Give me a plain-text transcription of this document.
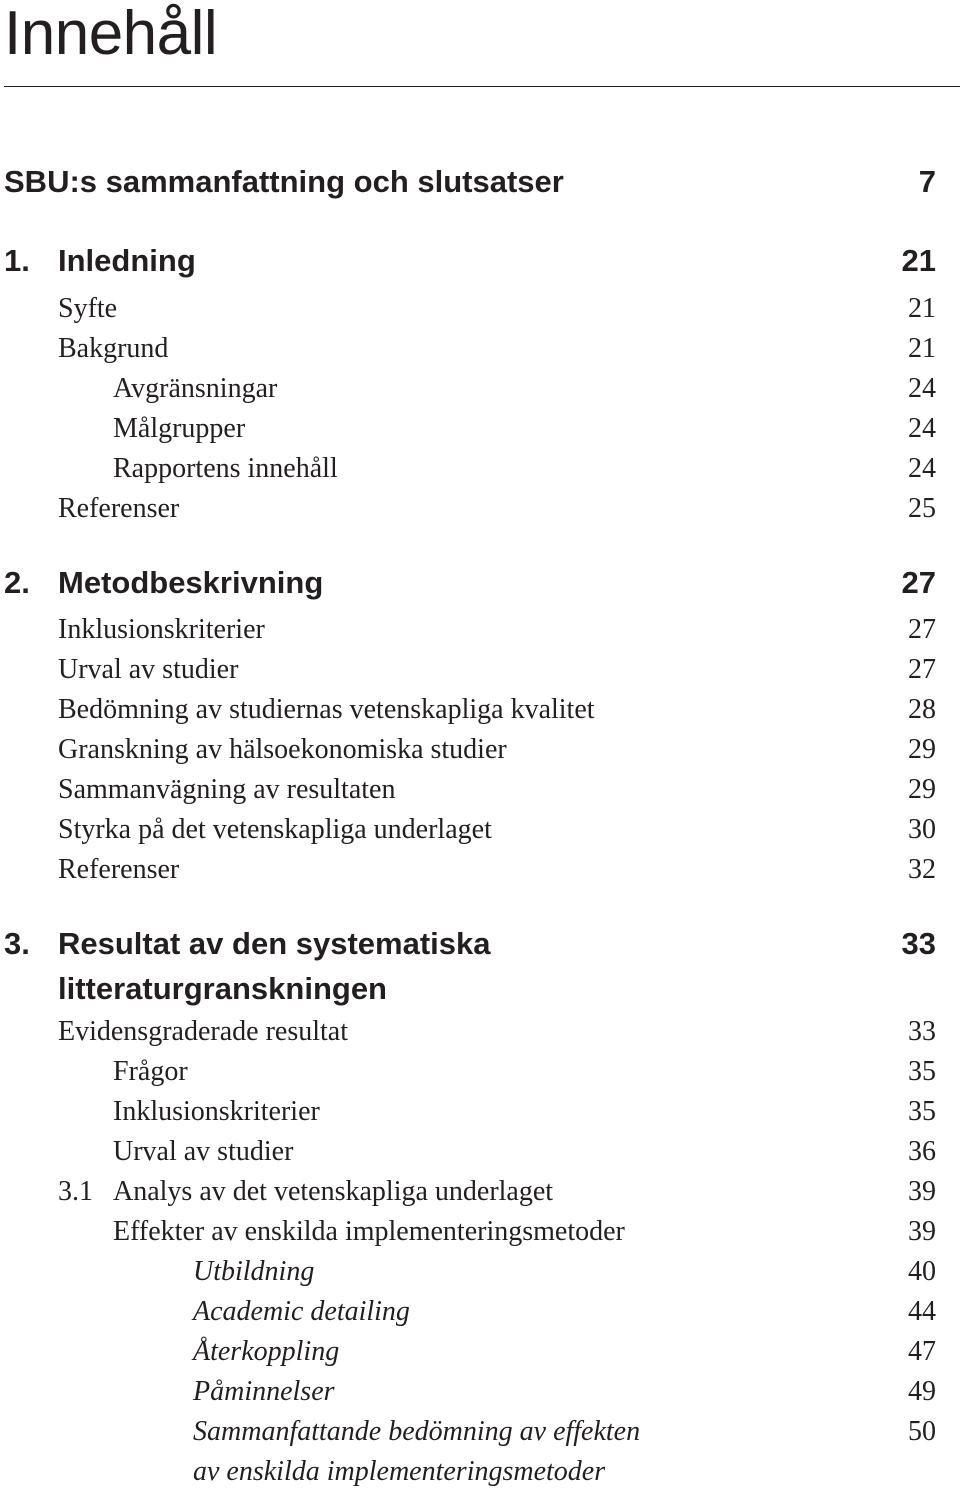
Innehåll
SBU:s sammanfattning och slutsatser	7
1. Inledning	21
Syfte	21
Bakgrund	21
Avgränsningar	24
Målgrupper	24
Rapportens innehåll	24
Referenser	25
2. Metodbeskrivning	27
Inklusionskriterier	27
Urval av studier	27
Bedömning av studiernas vetenskapliga kvalitet	28
Granskning av hälsoekonomiska studier	29
Sammanvägning av resultaten	29
Styrka på det vetenskapliga underlaget	30
Referenser	32
3. Resultat av den systematiska	33
litteraturgranskningen
Evidensgraderade resultat	33
Frågor	35
Inklusionskriterier	35
Urval av studier	36
3.1 Analys av det vetenskapliga underlaget	39
Effekter av enskilda implementeringsmetoder	39
Utbildning	40
Academic detailing	44
Återkoppling	47
Påminnelser	49
Sammanfattande bedömning av effekten	50
av enskilda implementeringsmetoder
